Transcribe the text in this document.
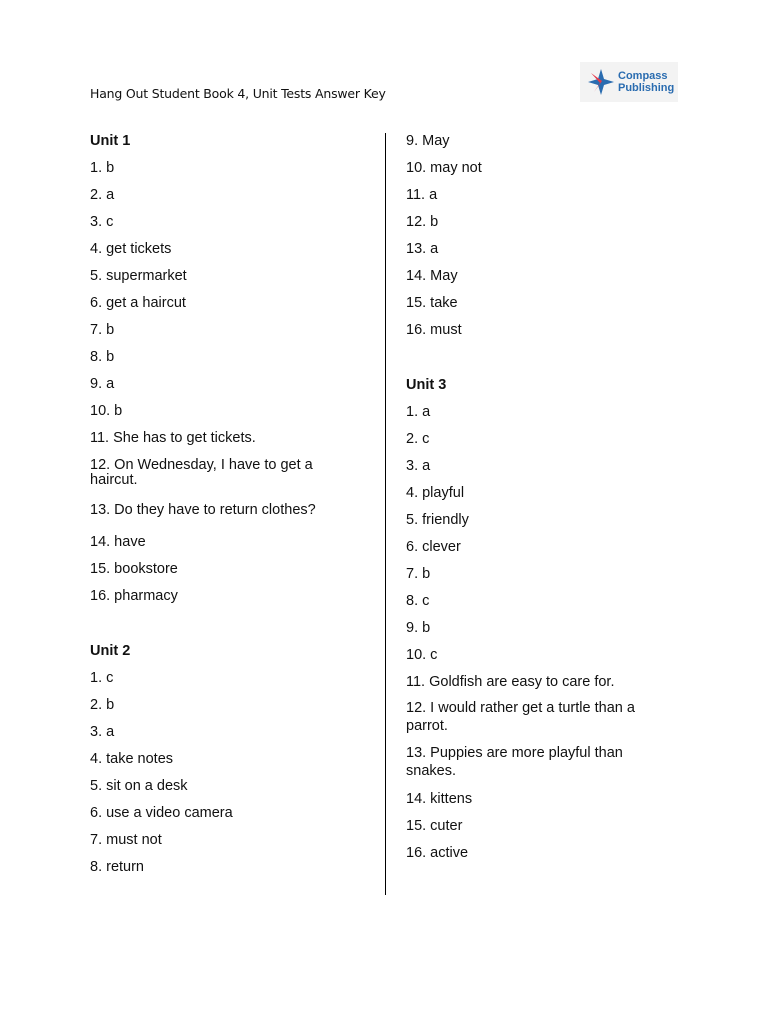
Hang Out Student Book 4, Unit Tests Answer Key
Compass
Publishing
Unit 1
1. b
2. a
3. c
4. get tickets
5. supermarket
6. get a haircut
7. b
8. b
9. a
10. b
11. She has to get tickets.
12. On Wednesday, I have to get a haircut.
13. Do they have to return clothes?
14. have
15. bookstore
16. pharmacy
Unit 2
1. c
2. b
3. a
4. take notes
5. sit on a desk
6. use a video camera
7. must not
8. return
9. May
10. may not
11. a
12. b
13. a
14. May
15. take
16. must
Unit 3
1. a
2. c
3. a
4. playful
5. friendly
6. clever
7. b
8. c
9. b
10. c
11. Goldfish are easy to care for.
12. I would rather get a turtle than a parrot.
13. Puppies are more playful than snakes.
14. kittens
15. cuter
16. active
